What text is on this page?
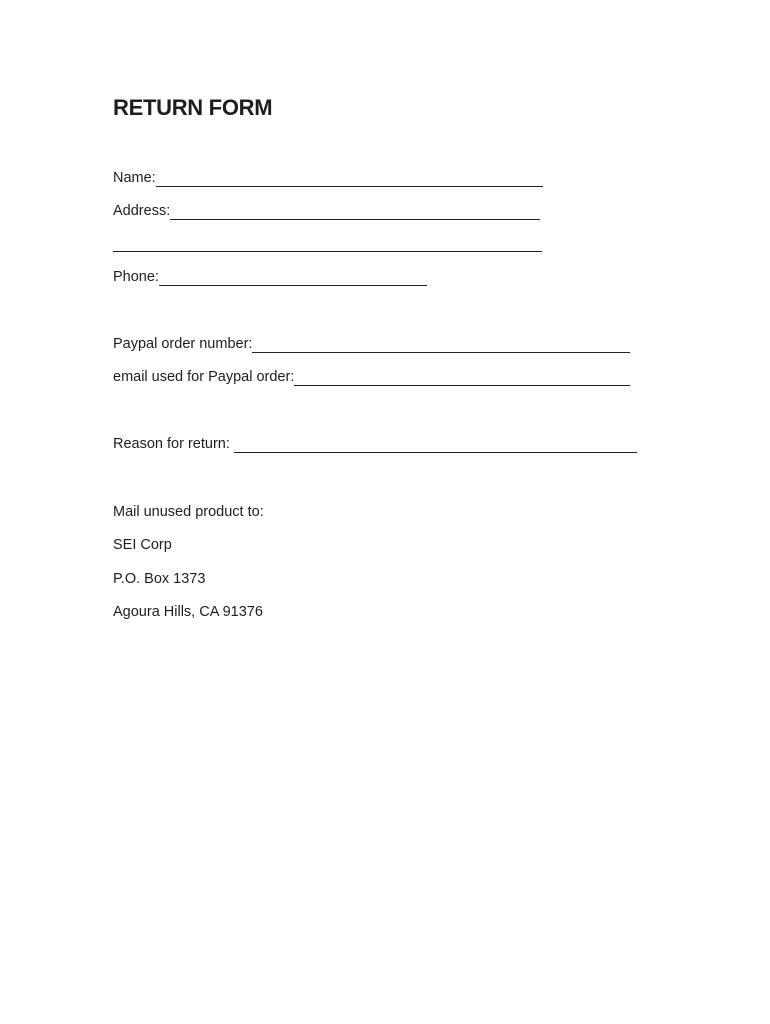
RETURN FORM
Name:
Address:
Phone:
Paypal order number:
email used for Paypal order:
Reason for return:
Mail unused product to:
SEI Corp
P.O. Box 1373
Agoura Hills, CA 91376
